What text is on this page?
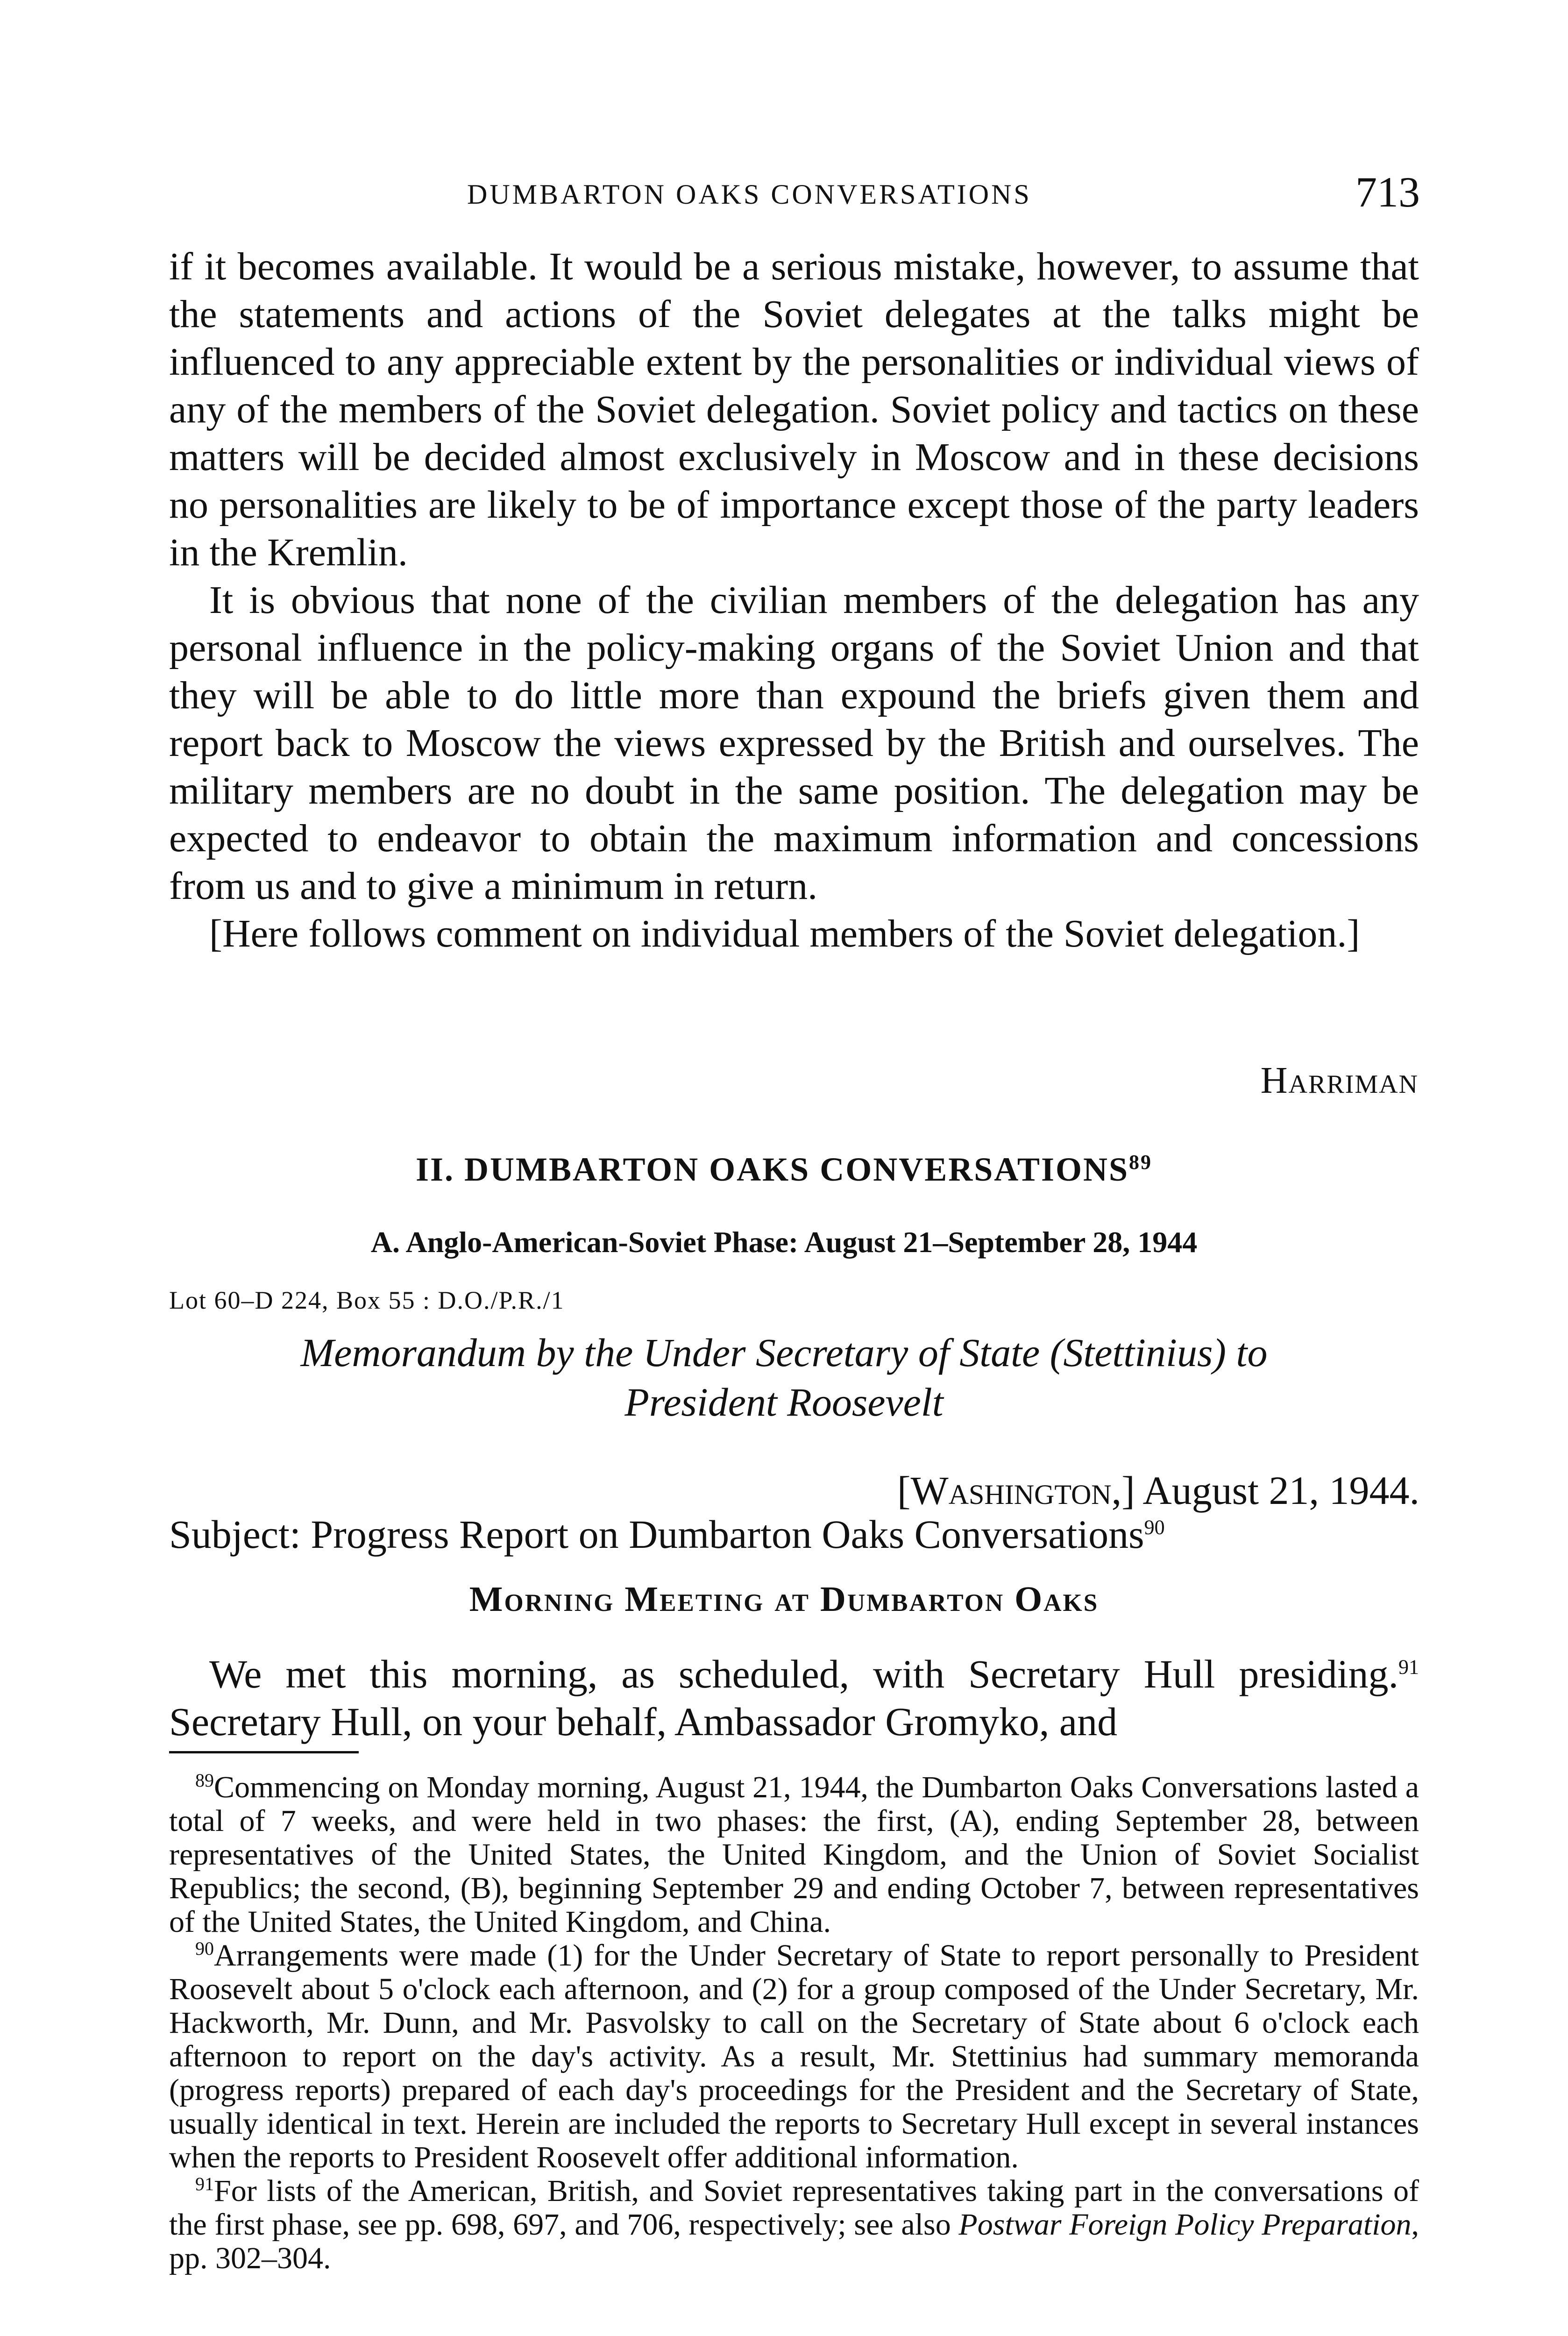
DUMBARTON OAKS CONVERSATIONS	713

if it becomes available. It would be a serious mistake, however, to assume that the statements and actions of the Soviet delegates at the talks might be influenced to any appreciable extent by the personalities or individual views of any of the members of the Soviet delegation. Soviet policy and tactics on these matters will be decided almost exclusively in Moscow and in these decisions no personalities are likely to be of importance except those of the party leaders in the Kremlin.

It is obvious that none of the civilian members of the delegation has any personal influence in the policy-making organs of the Soviet Union and that they will be able to do little more than expound the briefs given them and report back to Moscow the views expressed by the British and ourselves. The military members are no doubt in the same position. The delegation may be expected to endeavor to obtain the maximum information and concessions from us and to give a minimum in return.

[Here follows comment on individual members of the Soviet delegation.]

Harriman
II. DUMBARTON OAKS CONVERSATIONS$^{89}$
A. Anglo-American-Soviet Phase: August 21–September 28, 1944
Lot 60–D 224, Box 55 : D.O./P.R./1

Memorandum by the Under Secretary of State (Stettinius) to
President Roosevelt

[Washington,] August 21, 1944.
Subject: Progress Report on Dumbarton Oaks Conversations$^{90}$
Morning Meeting at Dumbarton Oaks

We met this morning, as scheduled, with Secretary Hull presiding.$^{91}$ Secretary Hull, on your behalf, Ambassador Gromyko, and

$^{89}$Commencing on Monday morning, August 21, 1944, the Dumbarton Oaks Conversations lasted a total of 7 weeks, and were held in two phases: the first, (A), ending September 28, between representatives of the United States, the United Kingdom, and the Union of Soviet Socialist Republics; the second, (B), beginning September 29 and ending October 7, between representatives of the United States, the United Kingdom, and China.

$^{90}$Arrangements were made (1) for the Under Secretary of State to report personally to President Roosevelt about 5 o'clock each afternoon, and (2) for a group composed of the Under Secretary, Mr. Hackworth, Mr. Dunn, and Mr. Pasvolsky to call on the Secretary of State about 6 o'clock each afternoon to report on the day's activity. As a result, Mr. Stettinius had summary memoranda (progress reports) prepared of each day's proceedings for the President and the Secretary of State, usually identical in text. Herein are included the reports to Secretary Hull except in several instances when the reports to President Roosevelt offer additional information.

$^{91}$For lists of the American, British, and Soviet representatives taking part in the conversations of the first phase, see pp. 698, 697, and 706, respectively; see also Postwar Foreign Policy Preparation, pp. 302–304.
